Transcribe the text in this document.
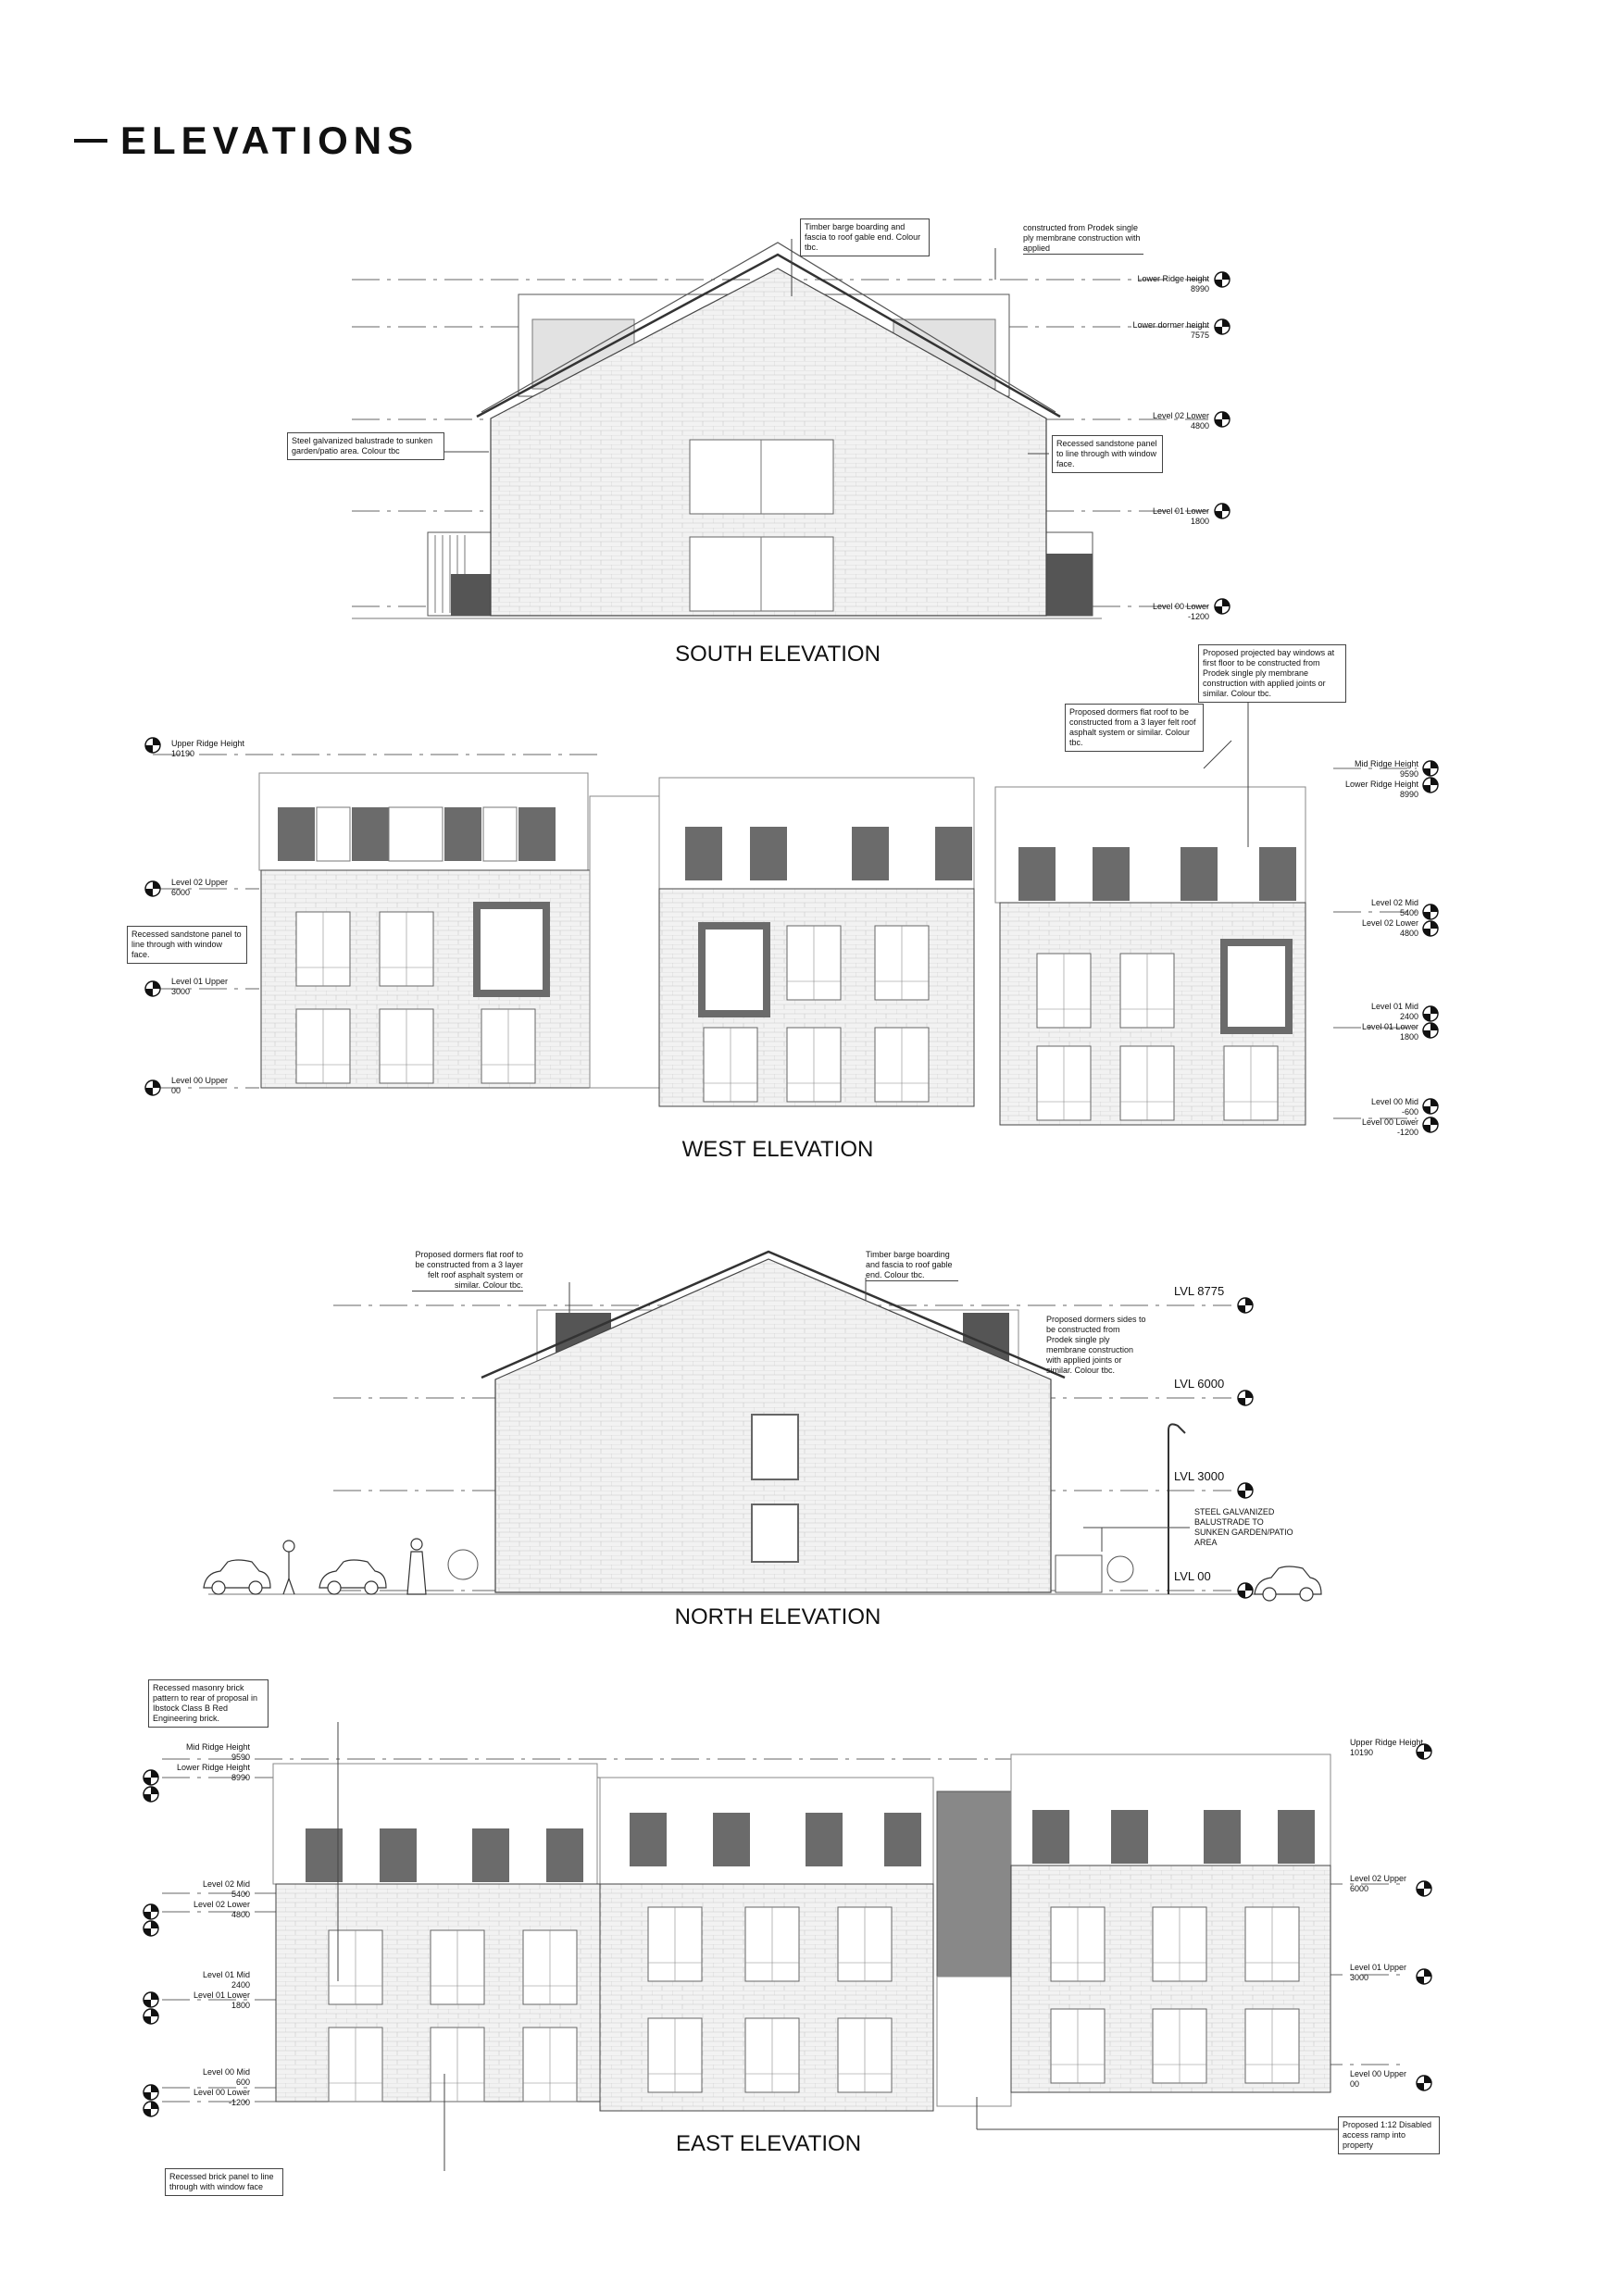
ELEVATIONS
SOUTH ELEVATION
Timber barge boarding and fascia to roof gable end. Colour tbc.
constructed from Prodek single ply membrane construction with applied
Steel galvanized balustrade to sunken garden/patio area. Colour tbc
Recessed sandstone panel to line through with window face.
Lower Ridge height
8990
Lower dormer height
7575
Level 02 Lower
4800
Level 01 Lower
1800
Level 00 Lower
-1200
WEST ELEVATION
Proposed projected bay windows at first floor to be constructed from Prodek single ply membrane construction with applied joints or similar. Colour tbc.
Proposed dormers flat roof to be constructed from a 3 layer felt roof asphalt system or similar. Colour tbc.
Recessed sandstone panel to line through with window face.
Upper Ridge Height
10190
Level 02 Upper
6000
Level 01 Upper
3000
Level 00 Upper
00
Mid Ridge Height
9590
Lower Ridge Height
8990
Level 02 Mid
5400
Level 02 Lower
4800
Level 01 Mid
2400
Level 01 Lower
1800
Level 00 Mid
-600
Level 00 Lower
-1200
NORTH ELEVATION
Proposed dormers flat roof to be constructed from a 3 layer felt roof asphalt system or similar. Colour tbc.
Timber barge boarding and fascia to roof gable end. Colour tbc.
Proposed dormers sides to be constructed from Prodek single ply membrane construction with applied joints or similar. Colour tbc.
STEEL GALVANIZED BALUSTRADE TO SUNKEN GARDEN/PATIO AREA
LVL 8775
LVL 6000
LVL 3000
LVL 00
EAST ELEVATION
Recessed masonry brick pattern to rear of proposal in Ibstock Class B Red Engineering brick.
Recessed brick panel to line through with window face
Proposed 1:12 Disabled access ramp into property
Mid Ridge Height
9590
Lower Ridge Height
8990
Level 02 Mid
5400
Level 02 Lower
4800
Level 01 Mid
2400
Level 01 Lower
1800
Level 00 Mid
600
Level 00 Lower
-1200
Upper Ridge Height
10190
Level 02 Upper
6000
Level 01 Upper
3000
Level 00 Upper
00
